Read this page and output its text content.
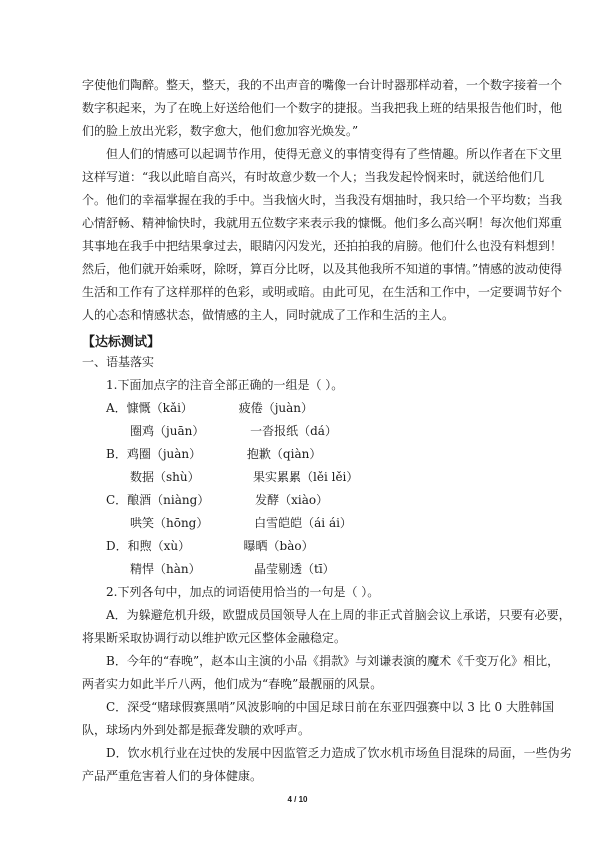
字使他们陶醉。整天，整天，我的不出声音的嘴像一台计时器那样动着，一个数字接着一个
数字积起来，为了在晚上好送给他们一个数字的捷报。当我把我上班的结果报告他们时，他
们的脸上放出光彩，数字愈大，他们愈加容光焕发。”
但人们的情感可以起调节作用，使得无意义的事情变得有了些情趣。所以作者在下文里
这样写道：“我以此暗自高兴，有时故意少数一个人；当我发起怜悯来时，就送给他们几
个。他们的幸福掌握在我的手中。当我恼火时，当我没有烟抽时，我只给一个平均数；当我
心情舒畅、精神愉快时，我就用五位数字来表示我的慷慨。他们多么高兴啊！每次他们郑重
其事地在我手中把结果拿过去，眼睛闪闪发光，还拍拍我的肩膀。他们什么也没有料想到！
然后，他们就开始乘呀，除呀，算百分比呀，以及其他我所不知道的事情。”情感的波动使得
生活和工作有了这样那样的色彩，或明或暗。由此可见，在生活和工作中，一定要调节好个
人的心态和情感状态，做情感的主人，同时就成了工作和生活的主人。
【达标测试】
一、语基落实
1.下面加点字的注音全部正确的一组是（ ）。
A．慷慨（kǎi）            疲倦（juàn）
圈鸡（juān）            一沓报纸（dá）
B．鸡圈（juàn）            抱歉（qiàn）
数据（shù）              果实累累（lěi lěi）
C．酿酒（niàng）            发酵（xiào）
哄笑（hōng）            白雪皑皑（ái ái）
D．和煦（xù）              曝晒（bào）
精悍（hàn）              晶莹剔透（tī）
2.下列各句中，加点的词语使用恰当的一句是（ ）。
A．为躲避危机升级，欧盟成员国领导人在上周的非正式首脑会议上承诺，只要有必要，
将果断采取协调行动以维护欧元区整体金融稳定。
B．今年的“春晚”，赵本山主演的小品《捐款》与刘谦表演的魔术《千变万化》相比，
两者实力如此半斤八两，他们成为“春晚”最靓丽的风景。
C．深受“赌球假赛黑哨”风波影响的中国足球日前在东亚四强赛中以 3 比 0 大胜韩国
队，球场内外到处都是振聋发聩的欢呼声。
D．饮水机行业在过快的发展中因监管乏力造成了饮水机市场鱼目混珠的局面，一些伪劣
产品严重危害着人们的身体健康。
4 / 10
